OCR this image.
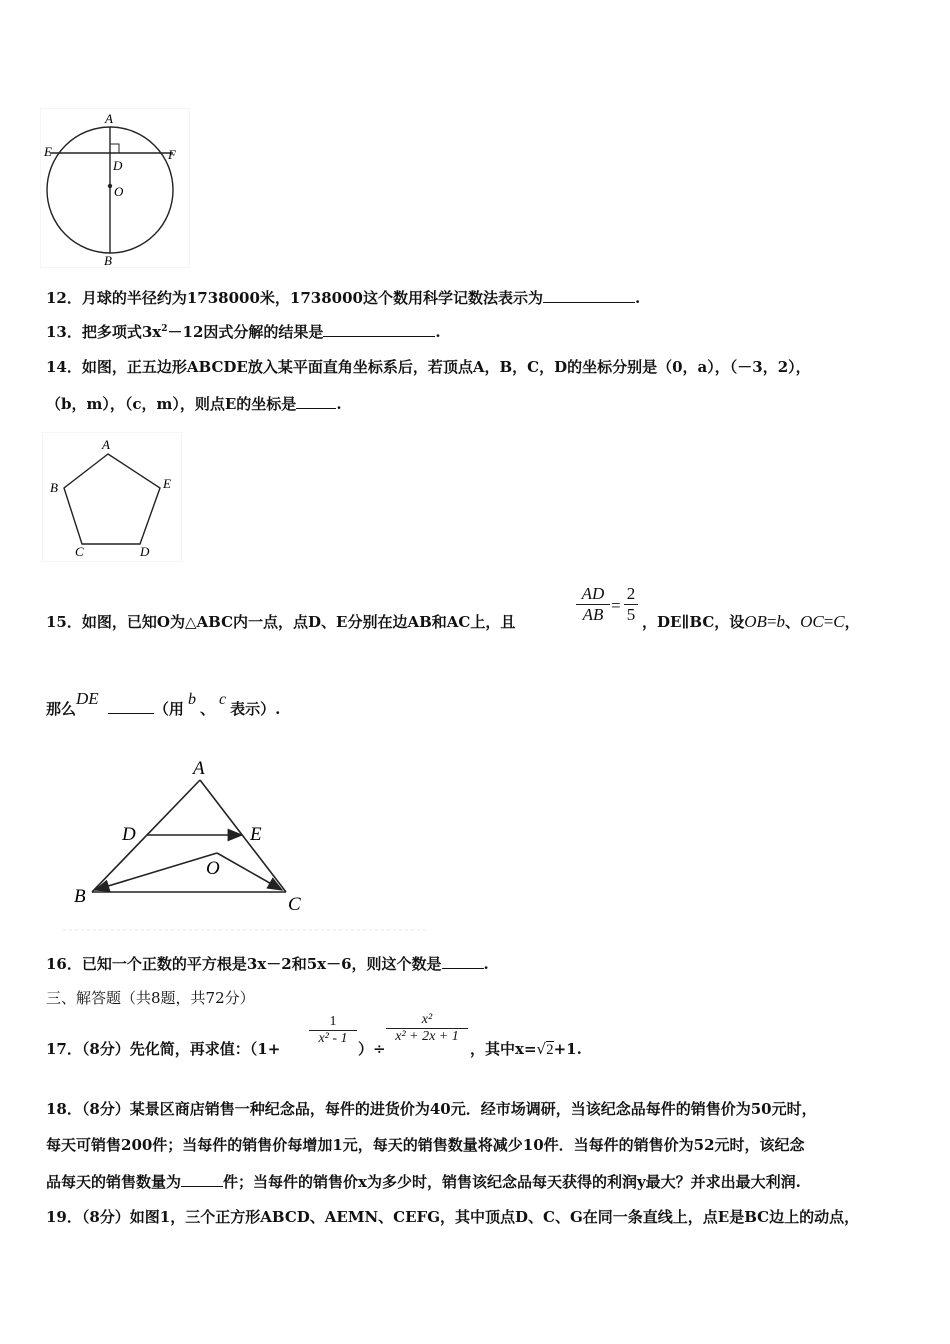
A
E	F
D
O
B
12．月球的半径约为1738000米，1738000这个数用科学记数法表示为	.
13．把多项式$3x^2-12$因式分解的结果是	.
14．如图，正五边形ABCDE放入某平面直角坐标系后，若顶点A，B，C，D的坐标分别是（0，a），（－3，2），
（b，m），（c，m），则点E的坐标是	.
A
B	E
C	D
15．如图，已知O为△ABC内一点，点D、E分别在边AB和AC上，且	$\frac{AD}{AB} = \frac{2}{5}$ ，DE∥BC，设OB=b、OC=C，
那么DE （用b、c表示）.
A
D	E
O
B	C
16．已知一个正数的平方根是3x－2和5x－6，则这个数是	.
三、解答题（共8题，共72分）
17．（8分）先化简，再求值：（1+
$\frac{1}{\text{x² - 1}}$
）÷
$\frac{\text{x²}}{\text{x² + 2x + 1}}$
，其中x=√2+1.
18．（8分）某景区商店销售一种纪念品，每件的进货价为40元．经市场调研，当该纪念品每件的销售价为50元时，
每天可销售200件；当每件的销售价每增加1元，每天的销售数量将减少10件．当每件的销售价为52元时，该纪念
品每天的销售数量为	件；当每件的销售价x为多少时，销售该纪念品每天获得的利润y最大？并求出最大利润.
19．（8分）如图1，三个正方形ABCD、AEMN、CEFG，其中顶点D、C、G在同一条直线上，点E是BC边上的动点，
